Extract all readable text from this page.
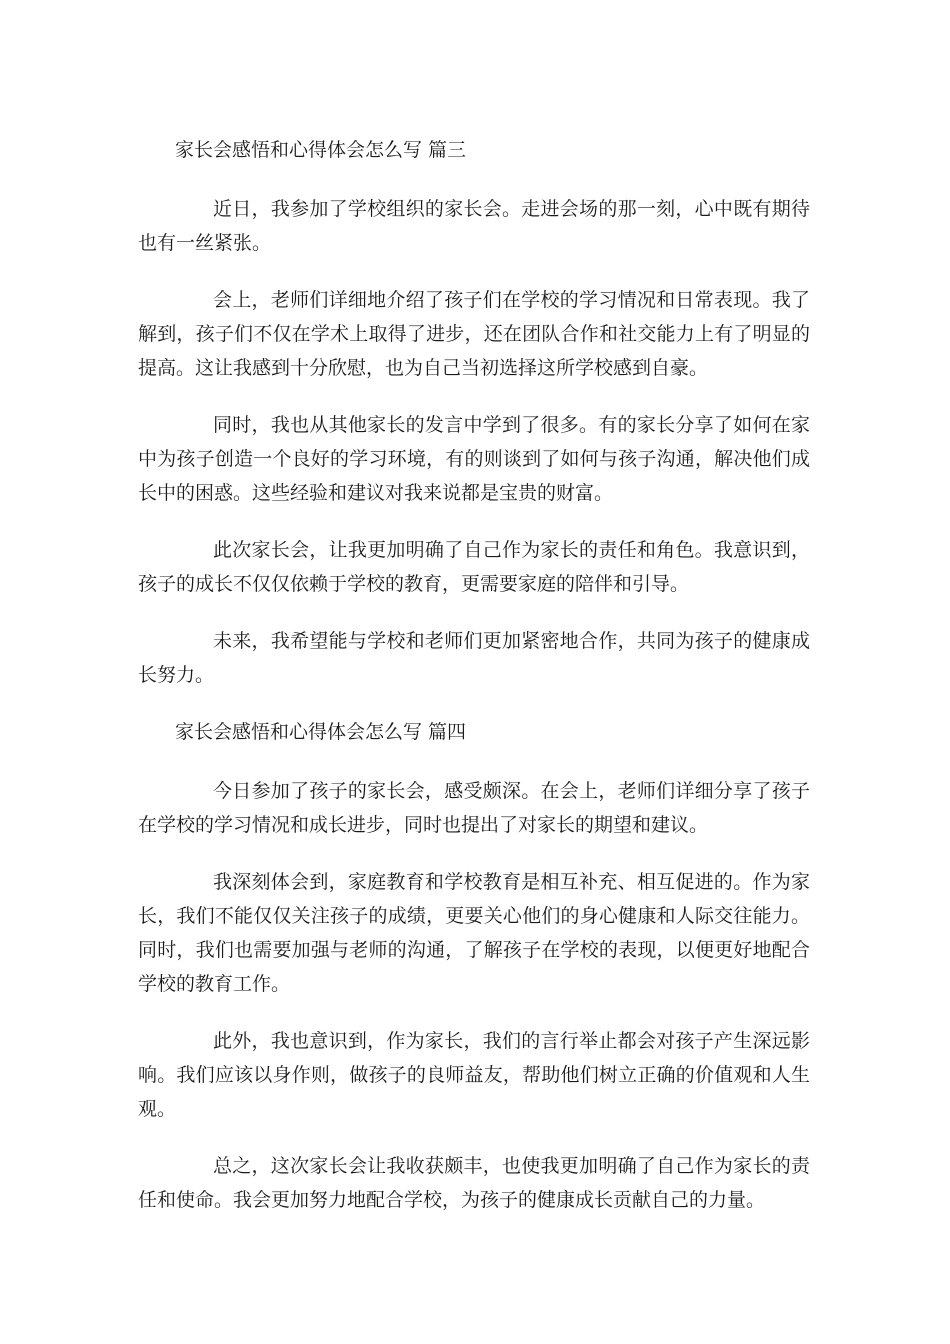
家长会感悟和心得体会怎么写 篇三

近日，我参加了学校组织的家长会。走进会场的那一刻，心中既有期待也有一丝紧张。

会上，老师们详细地介绍了孩子们在学校的学习情况和日常表现。我了解到，孩子们不仅在学术上取得了进步，还在团队合作和社交能力上有了明显的提高。这让我感到十分欣慰，也为自己当初选择这所学校感到自豪。

同时，我也从其他家长的发言中学到了很多。有的家长分享了如何在家中为孩子创造一个良好的学习环境，有的则谈到了如何与孩子沟通，解决他们成长中的困惑。这些经验和建议对我来说都是宝贵的财富。

此次家长会，让我更加明确了自己作为家长的责任和角色。我意识到，孩子的成长不仅仅依赖于学校的教育，更需要家庭的陪伴和引导。

未来，我希望能与学校和老师们更加紧密地合作，共同为孩子的健康成长努力。

家长会感悟和心得体会怎么写 篇四

今日参加了孩子的家长会，感受颇深。在会上，老师们详细分享了孩子在学校的学习情况和成长进步，同时也提出了对家长的期望和建议。

我深刻体会到，家庭教育和学校教育是相互补充、相互促进的。作为家长，我们不能仅仅关注孩子的成绩，更要关心他们的身心健康和人际交往能力。同时，我们也需要加强与老师的沟通，了解孩子在学校的表现，以便更好地配合学校的教育工作。

此外，我也意识到，作为家长，我们的言行举止都会对孩子产生深远影响。我们应该以身作则，做孩子的良师益友，帮助他们树立正确的价值观和人生观。

总之，这次家长会让我收获颇丰，也使我更加明确了自己作为家长的责任和使命。我会更加努力地配合学校，为孩子的健康成长贡献自己的力量。
